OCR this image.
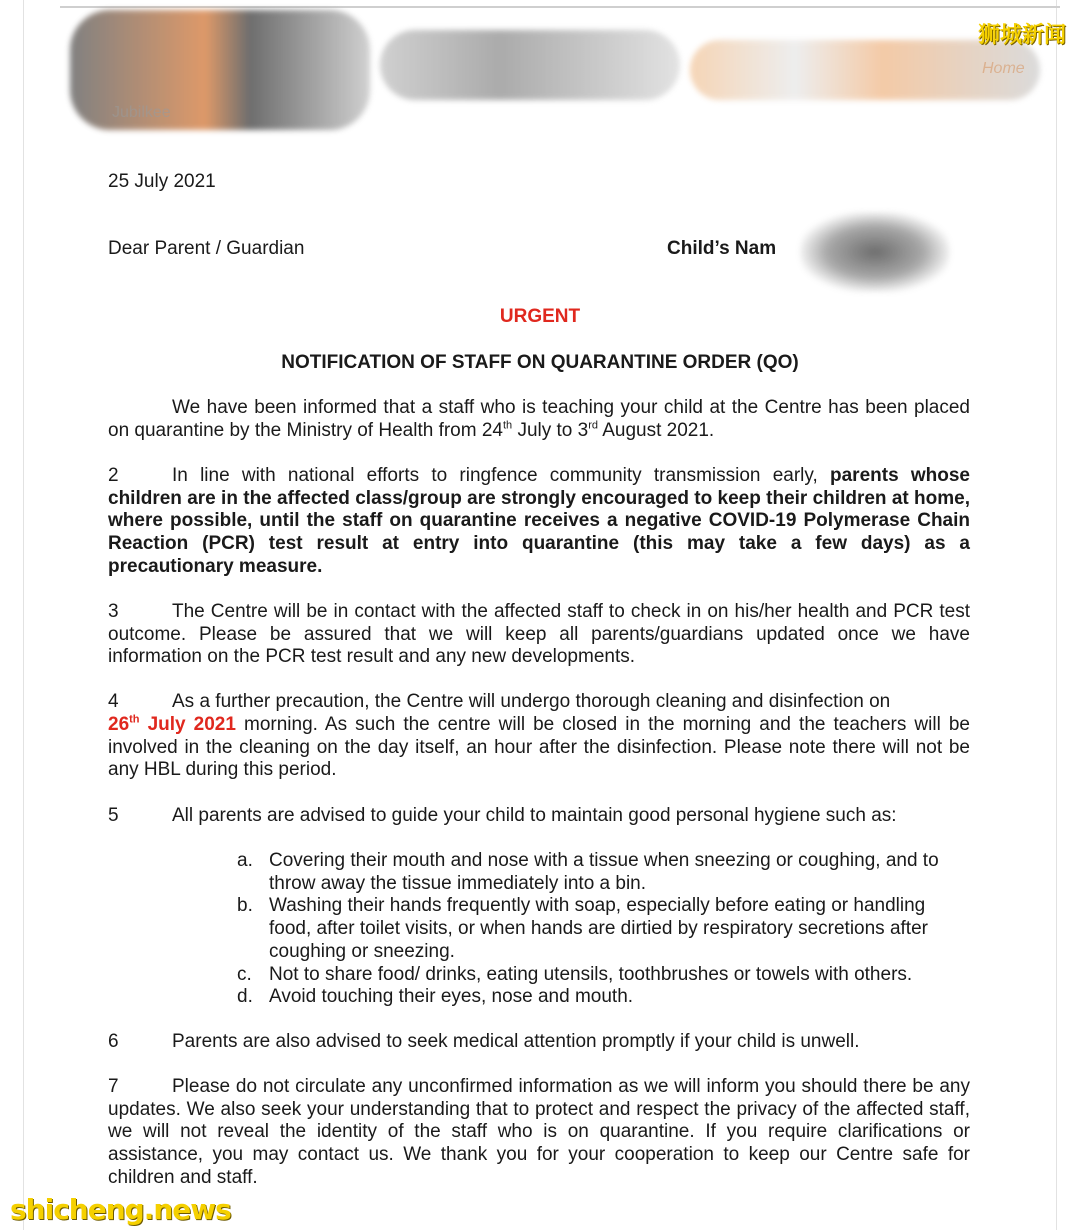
Jubilkee
Home
狮城新闻
25 July 2021
Dear Parent / Guardian	Child’s Nam
URGENT
NOTIFICATION OF STAFF ON QUARANTINE ORDER (QO)
We have been informed that a staff who is teaching your child at the Centre has been placed on quarantine by the Ministry of Health from 24th July to 3rd August 2021.
2	In line with national efforts to ringfence community transmission early, parents whose children are in the affected class/group are strongly encouraged to keep their children at home, where possible, until the staff on quarantine receives a negative COVID-19 Polymerase Chain Reaction (PCR) test result at entry into quarantine (this may take a few days) as a precautionary measure.
3	The Centre will be in contact with the affected staff to check in on his/her health and PCR test outcome. Please be assured that we will keep all parents/guardians updated once we have information on the PCR test result and any new developments.
4	As a further precaution, the Centre will undergo thorough cleaning and disinfection on
26th July 2021 morning. As such the centre will be closed in the morning and the teachers will be involved in the cleaning on the day itself, an hour after the disinfection. Please note there will not be any HBL during this period.
5	All parents are advised to guide your child to maintain good personal hygiene such as:
a. Covering their mouth and nose with a tissue when sneezing or coughing, and to throw away the tissue immediately into a bin.
b. Washing their hands frequently with soap, especially before eating or handling food, after toilet visits, or when hands are dirtied by respiratory secretions after coughing or sneezing.
c. Not to share food/ drinks, eating utensils, toothbrushes or towels with others.
d. Avoid touching their eyes, nose and mouth.
6	Parents are also advised to seek medical attention promptly if your child is unwell.
7	Please do not circulate any unconfirmed information as we will inform you should there be any updates. We also seek your understanding that to protect and respect the privacy of the affected staff, we will not reveal the identity of the staff who is on quarantine. If you require clarifications or assistance, you may contact us. We thank you for your cooperation to keep our Centre safe for children and staff.
shicheng.news
